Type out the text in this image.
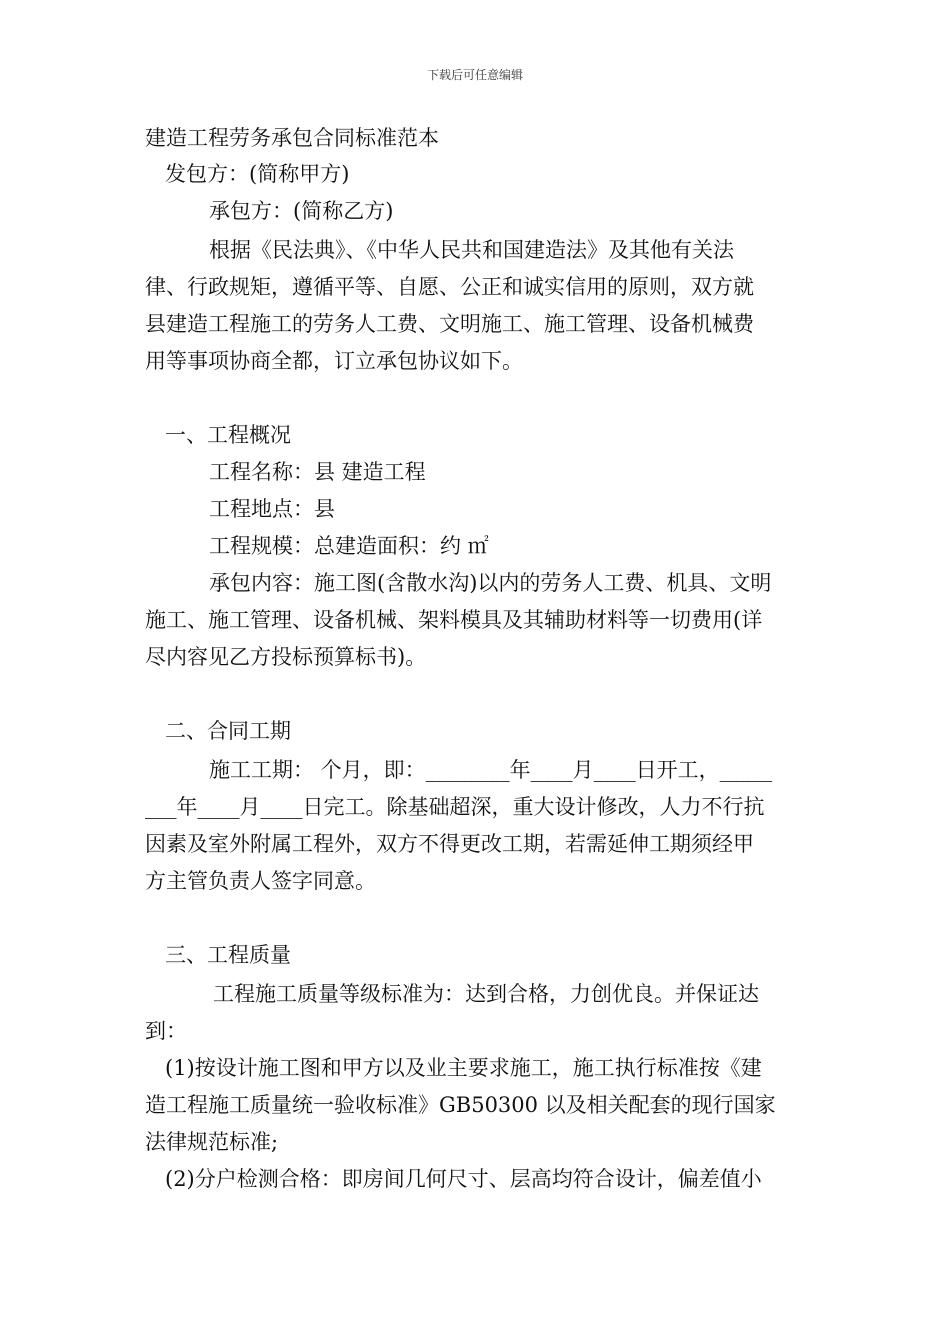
下载后可任意编辑
建造工程劳务承包合同标准范本
发包方：(简称甲方)
承包方：(简称乙方)
根据《民法典》、《中华人民共和国建造法》及其他有关法
律、行政规矩，遵循平等、自愿、公正和诚实信用的原则，双方就
县建造工程施工的劳务人工费、文明施工、施工管理、设备机械费
用等事项协商全都，订立承包协议如下。
一、工程概况
工程名称：县 建造工程
工程地点：县
工程规模：总建造面积：约 ㎡
承包内容：施工图(含散水沟)以内的劳务人工费、机具、文明
施工、施工管理、设备机械、架料模具及其辅助材料等一切费用(详
尽内容见乙方投标预算标书)。
二、合同工期
施工工期： 个月，即：________年____月____日开工，_____
___年____月____日完工。除基础超深，重大设计修改，人力不行抗
因素及室外附属工程外，双方不得更改工期，若需延伸工期须经甲
方主管负责人签字同意。
三、工程质量
工程施工质量等级标准为：达到合格，力创优良。并保证达
到：
(1)按设计施工图和甲方以及业主要求施工，施工执行标准按《建
造工程施工质量统一验收标准》GB50300 以及相关配套的现行国家
法律规范标准;
(2)分户检测合格：即房间几何尺寸、层高均符合设计，偏差值小
